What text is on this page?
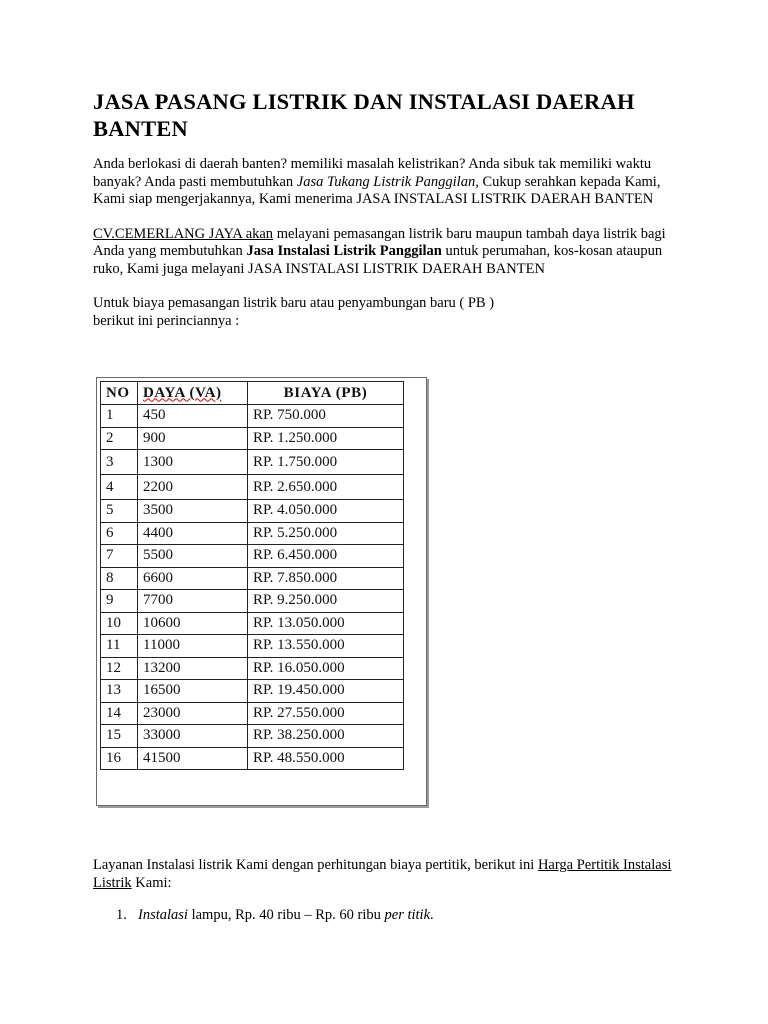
JASA PASANG LISTRIK DAN INSTALASI DAERAH BANTEN

Anda berlokasi di daerah banten? memiliki masalah kelistrikan? Anda sibuk tak memiliki waktu banyak? Anda pasti membutuhkan Jasa Tukang Listrik Panggilan, Cukup serahkan kepada Kami, Kami siap mengerjakannya, Kami menerima JASA INSTALASI LISTRIK DAERAH BANTEN

CV.CEMERLANG JAYA akan melayani pemasangan listrik baru maupun tambah daya listrik bagi Anda yang membutuhkan Jasa Instalasi Listrik Panggilan untuk perumahan, kos-kosan ataupun ruko, Kami juga melayani JASA INSTALASI LISTRIK DAERAH BANTEN

Untuk biaya pemasangan listrik baru atau penyambungan baru ( PB )
berikut ini perinciannya :

NO	DAYA (VA)	BIAYA (PB)
1	450	RP. 750.000
2	900	RP. 1.250.000
3	1300	RP. 1.750.000
4	2200	RP. 2.650.000
5	3500	RP. 4.050.000
6	4400	RP. 5.250.000
7	5500	RP. 6.450.000
8	6600	RP. 7.850.000
9	7700	RP. 9.250.000
10	10600	RP. 13.050.000
11	11000	RP. 13.550.000
12	13200	RP. 16.050.000
13	16500	RP. 19.450.000
14	23000	RP. 27.550.000
15	33000	RP. 38.250.000
16	41500	RP. 48.550.000

Layanan Instalasi listrik Kami dengan perhitungan biaya pertitik, berikut ini Harga Pertitik Instalasi Listrik Kami:

1. Instalasi lampu, Rp. 40 ribu – Rp. 60 ribu per titik.
